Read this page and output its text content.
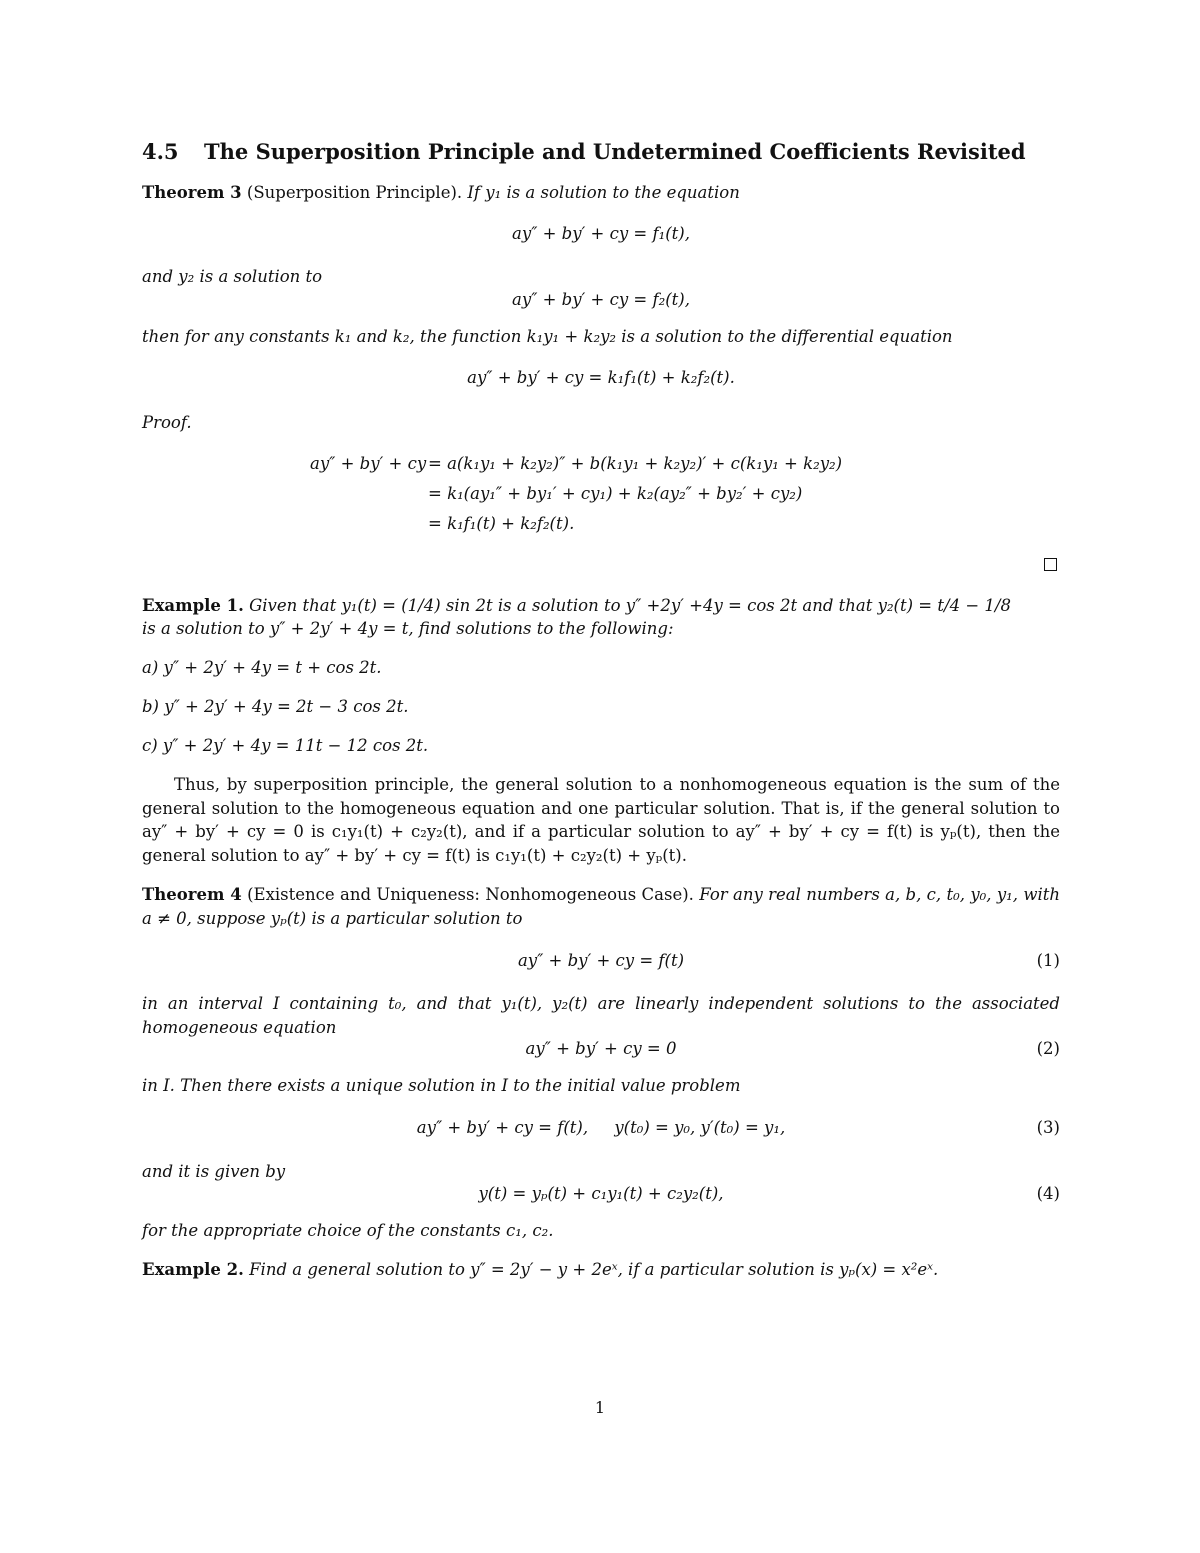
4.5 The Superposition Principle and Undetermined Coefficients Revisited
Theorem 3 (Superposition Principle). If y₁ is a solution to the equation
ay″ + by′ + cy = f₁(t),
and y₂ is a solution to
ay″ + by′ + cy = f₂(t),
then for any constants k₁ and k₂, the function k₁y₁ + k₂y₂ is a solution to the differential equation
ay″ + by′ + cy = k₁f₁(t) + k₂f₂(t).
Proof.
ay″ + by′ + cy = a(k₁y₁ + k₂y₂)″ + b(k₁y₁ + k₂y₂)′ + c(k₁y₁ + k₂y₂)
= k₁(ay₁″ + by₁′ + cy₁) + k₂(ay₂″ + by₂′ + cy₂)
= k₁f₁(t) + k₂f₂(t).
Example 1. Given that y₁(t) = (1/4) sin 2t is a solution to y″ +2y′ +4y = cos 2t and that y₂(t) = t/4 − 1/8
is a solution to y″ + 2y′ + 4y = t, find solutions to the following:
a) y″ + 2y′ + 4y = t + cos 2t.
b) y″ + 2y′ + 4y = 2t − 3 cos 2t.
c) y″ + 2y′ + 4y = 11t − 12 cos 2t.
Thus, by superposition principle, the general solution to a nonhomogeneous equation is the sum of the general solution to the homogeneous equation and one particular solution. That is, if the general solution to ay″ + by′ + cy = 0 is c₁y₁(t) + c₂y₂(t), and if a particular solution to ay″ + by′ + cy = f(t) is yₚ(t), then the general solution to ay″ + by′ + cy = f(t) is c₁y₁(t) + c₂y₂(t) + yₚ(t).
Theorem 4 (Existence and Uniqueness: Nonhomogeneous Case). For any real numbers a, b, c, t₀, y₀, y₁, with a ≠ 0, suppose yₚ(t) is a particular solution to
ay″ + by′ + cy = f(t)	(1)
in an interval I containing t₀, and that y₁(t), y₂(t) are linearly independent solutions to the associated homogeneous equation
ay″ + by′ + cy = 0	(2)
in I. Then there exists a unique solution in I to the initial value problem
ay″ + by′ + cy = f(t),     y(t₀) = y₀, y′(t₀) = y₁,	(3)
and it is given by
y(t) = yₚ(t) + c₁y₁(t) + c₂y₂(t),	(4)
for the appropriate choice of the constants c₁, c₂.
Example 2. Find a general solution to y″ = 2y′ − y + 2eˣ, if a particular solution is yₚ(x) = x²eˣ.
1
